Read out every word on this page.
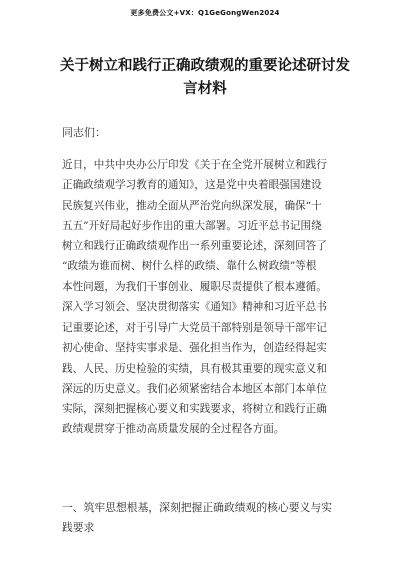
更多免费公文+VX：Q1GeGongWen2024
关于树立和践行正确政绩观的重要论述研讨发
言材料

同志们：

近日，中共中央办公厅印发《关于在全党开展树立和践行
正确政绩观学习教育的通知》，这是党中央着眼强国建设
民族复兴伟业，推动全面从严治党向纵深发展，确保“十
五五”开好局起好步作出的重大部署。习近平总书记围绕
树立和践行正确政绩观作出一系列重要论述，深刻回答了
“政绩为谁而树、树什么样的政绩、靠什么树政绩”等根
本性问题，为我们干事创业、履职尽责提供了根本遵循。
深入学习领会、坚决贯彻落实《通知》精神和习近平总书

记重要论述，对于引导广大党员干部特别是领导干部牢记
初心使命、坚持实事求是、强化担当作为，创造经得起实
践、人民、历史检验的实绩，具有极其重要的现实意义和
深远的历史意义。我们必须紧密结合本地区本部门本单位
实际，深刻把握核心要义和实践要求，将树立和践行正确
政绩观贯穿于推动高质量发展的全过程各方面。

一、筑牢思想根基，深刻把握正确政绩观的核心要义与实
践要求
